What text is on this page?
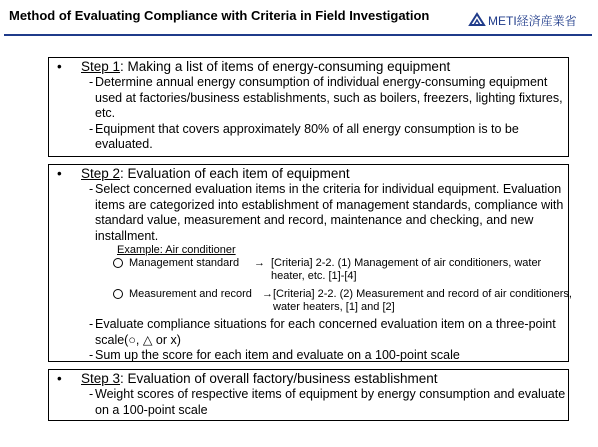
Method of Evaluating Compliance with Criteria in Field Investigation	METI経済産業省
• Step 1: Making a list of items of energy-consuming equipment
- Determine annual energy consumption of individual energy-consuming equipment used at factories/business establishments, such as boilers, freezers, lighting fixtures, etc.
- Equipment that covers approximately 80% of all energy consumption is to be evaluated.
• Step 2: Evaluation of each item of equipment
- Select concerned evaluation items in the criteria for individual equipment. Evaluation items are categorized into establishment of management standards, compliance with standard value, measurement and record, maintenance and checking, and new installment.
Example: Air conditioner
Management standard → [Criteria] 2-2. (1) Management of air conditioners, water heater, etc. [1]-[4]
Measurement and record → [Criteria] 2-2. (2) Measurement and record of air conditioners, water heaters, [1] and [2]
- Evaluate compliance situations for each concerned evaluation item on a three-point scale(○, △ or x)
- Sum up the score for each item and evaluate on a 100-point scale
• Step 3: Evaluation of overall factory/business establishment
- Weight scores of respective items of equipment by energy consumption and evaluate on a 100-point scale
